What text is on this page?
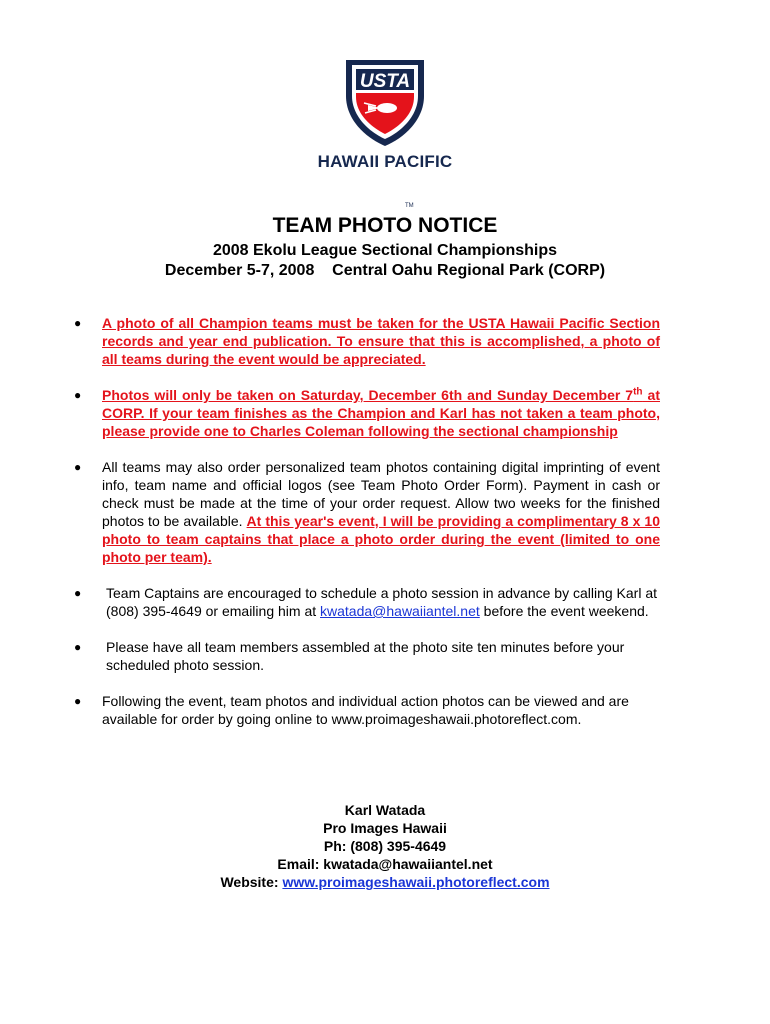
USTA
TM
HAWAII PACIFIC
TEAM PHOTO NOTICE
2008 Ekolu League Sectional Championships
December 5-7, 2008    Central Oahu Regional Park (CORP)
● A photo of all Champion teams must be taken for the USTA Hawaii Pacific Section records and year end publication. To ensure that this is accomplished, a photo of all teams during the event would be appreciated.
● Photos will only be taken on Saturday, December 6th and Sunday December 7th at CORP. If your team finishes as the Champion and Karl has not taken a team photo, please provide one to Charles Coleman following the sectional championship
● All teams may also order personalized team photos containing digital imprinting of event info, team name and official logos (see Team Photo Order Form). Payment in cash or check must be made at the time of your order request. Allow two weeks for the finished photos to be available. At this year's event, I will be providing a complimentary 8 x 10 photo to team captains that place a photo order during the event (limited to one photo per team).
● Team Captains are encouraged to schedule a photo session in advance by calling Karl at (808) 395-4649 or emailing him at kwatada@hawaiiantel.net before the event weekend.
● Please have all team members assembled at the photo site ten minutes before your scheduled photo session.
● Following the event, team photos and individual action photos can be viewed and are available for order by going online to www.proimageshawaii.photoreflect.com.
Karl Watada
Pro Images Hawaii
Ph: (808) 395-4649
Email: kwatada@hawaiiantel.net
Website: www.proimageshawaii.photoreflect.com
